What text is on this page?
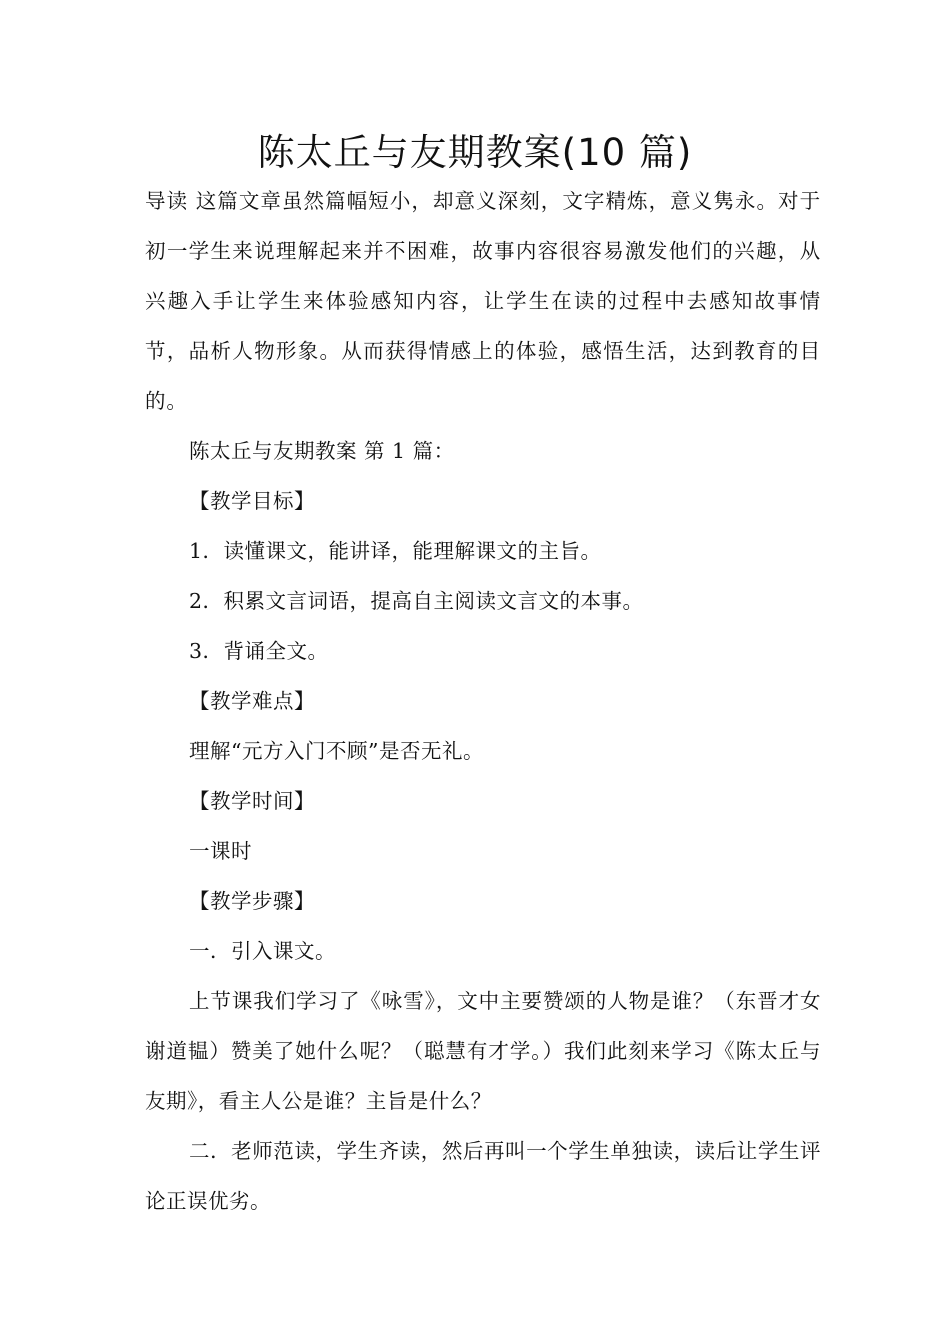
陈太丘与友期教案(10 篇)

导读 这篇文章虽然篇幅短小，却意义深刻，文字精炼，意义隽永。对于初一学生来说理解起来并不困难，故事内容很容易激发他们的兴趣，从兴趣入手让学生来体验感知内容，让学生在读的过程中去感知故事情节，品析人物形象。从而获得情感上的体验，感悟生活，达到教育的目的。

陈太丘与友期教案 第 1 篇：

【教学目标】

1．读懂课文，能讲译，能理解课文的主旨。

2．积累文言词语，提高自主阅读文言文的本事。

3．背诵全文。

【教学难点】

理解“元方入门不顾”是否无礼。

【教学时间】

一课时

【教学步骤】

一．引入课文。

上节课我们学习了《咏雪》，文中主要赞颂的人物是谁？（东晋才女谢道韫）赞美了她什么呢？（聪慧有才学。）我们此刻来学习《陈太丘与友期》，看主人公是谁？主旨是什么？

二．老师范读，学生齐读，然后再叫一个学生单独读，读后让学生评论正误优劣。
